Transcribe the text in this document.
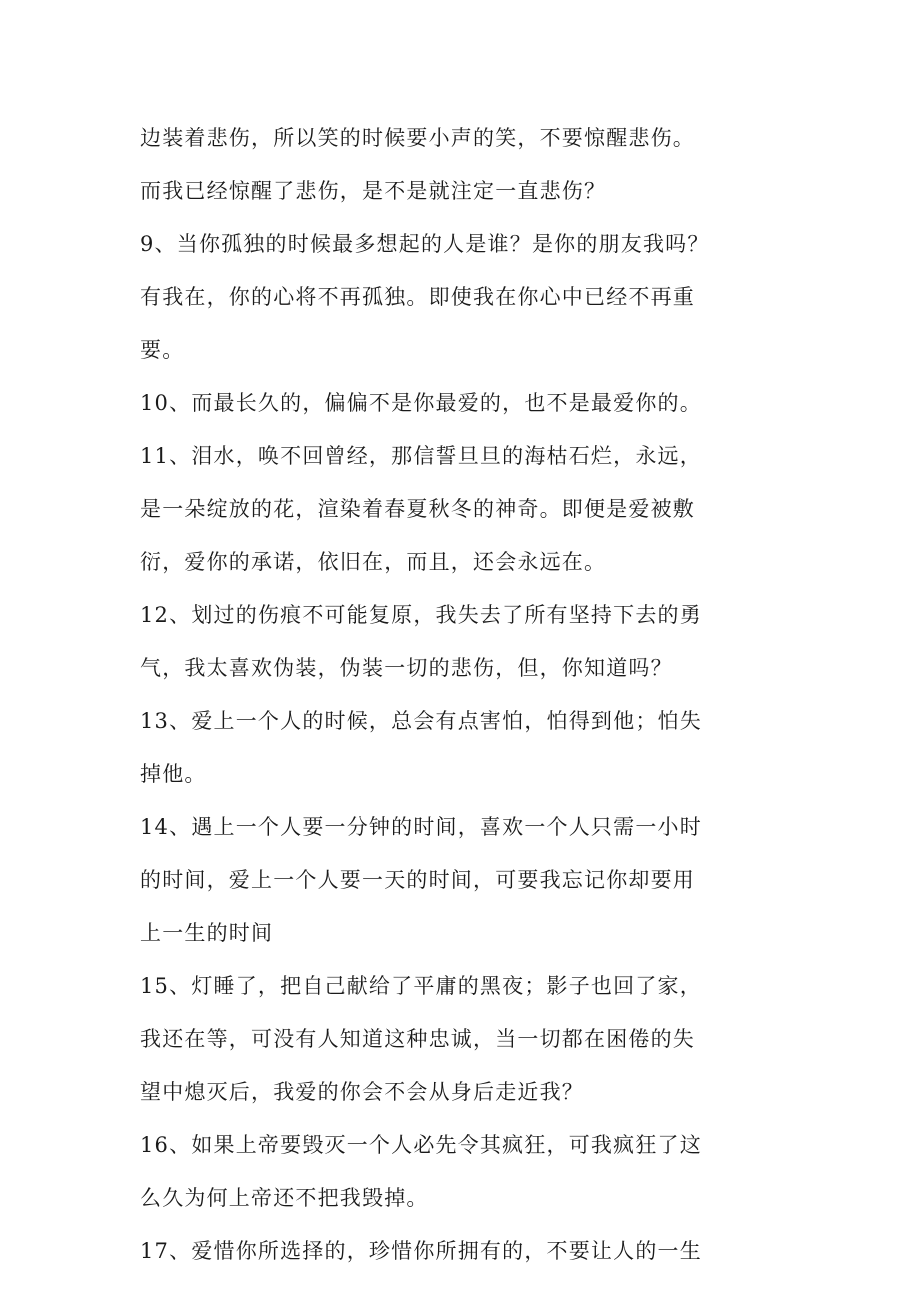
边装着悲伤，所以笑的时候要小声的笑，不要惊醒悲伤。
而我已经惊醒了悲伤，是不是就注定一直悲伤？
9、当你孤独的时候最多想起的人是谁？是你的朋友我吗？
有我在，你的心将不再孤独。即使我在你心中已经不再重
要。
10、而最长久的，偏偏不是你最爱的，也不是最爱你的。
11、泪水，唤不回曾经，那信誓旦旦的海枯石烂，永远，
是一朵绽放的花，渲染着春夏秋冬的神奇。即便是爱被敷
衍，爱你的承诺，依旧在，而且，还会永远在。
12、划过的伤痕不可能复原，我失去了所有坚持下去的勇
气，我太喜欢伪装，伪装一切的悲伤，但，你知道吗？
13、爱上一个人的时候，总会有点害怕，怕得到他；怕失
掉他。
14、遇上一个人要一分钟的时间，喜欢一个人只需一小时
的时间，爱上一个人要一天的时间，可要我忘记你却要用
上一生的时间
15、灯睡了，把自己献给了平庸的黑夜；影子也回了家，
我还在等，可没有人知道这种忠诚，当一切都在困倦的失
望中熄灭后，我爱的你会不会从身后走近我？
16、如果上帝要毁灭一个人必先令其疯狂，可我疯狂了这
么久为何上帝还不把我毁掉。
17、爱惜你所选择的，珍惜你所拥有的，不要让人的一生
